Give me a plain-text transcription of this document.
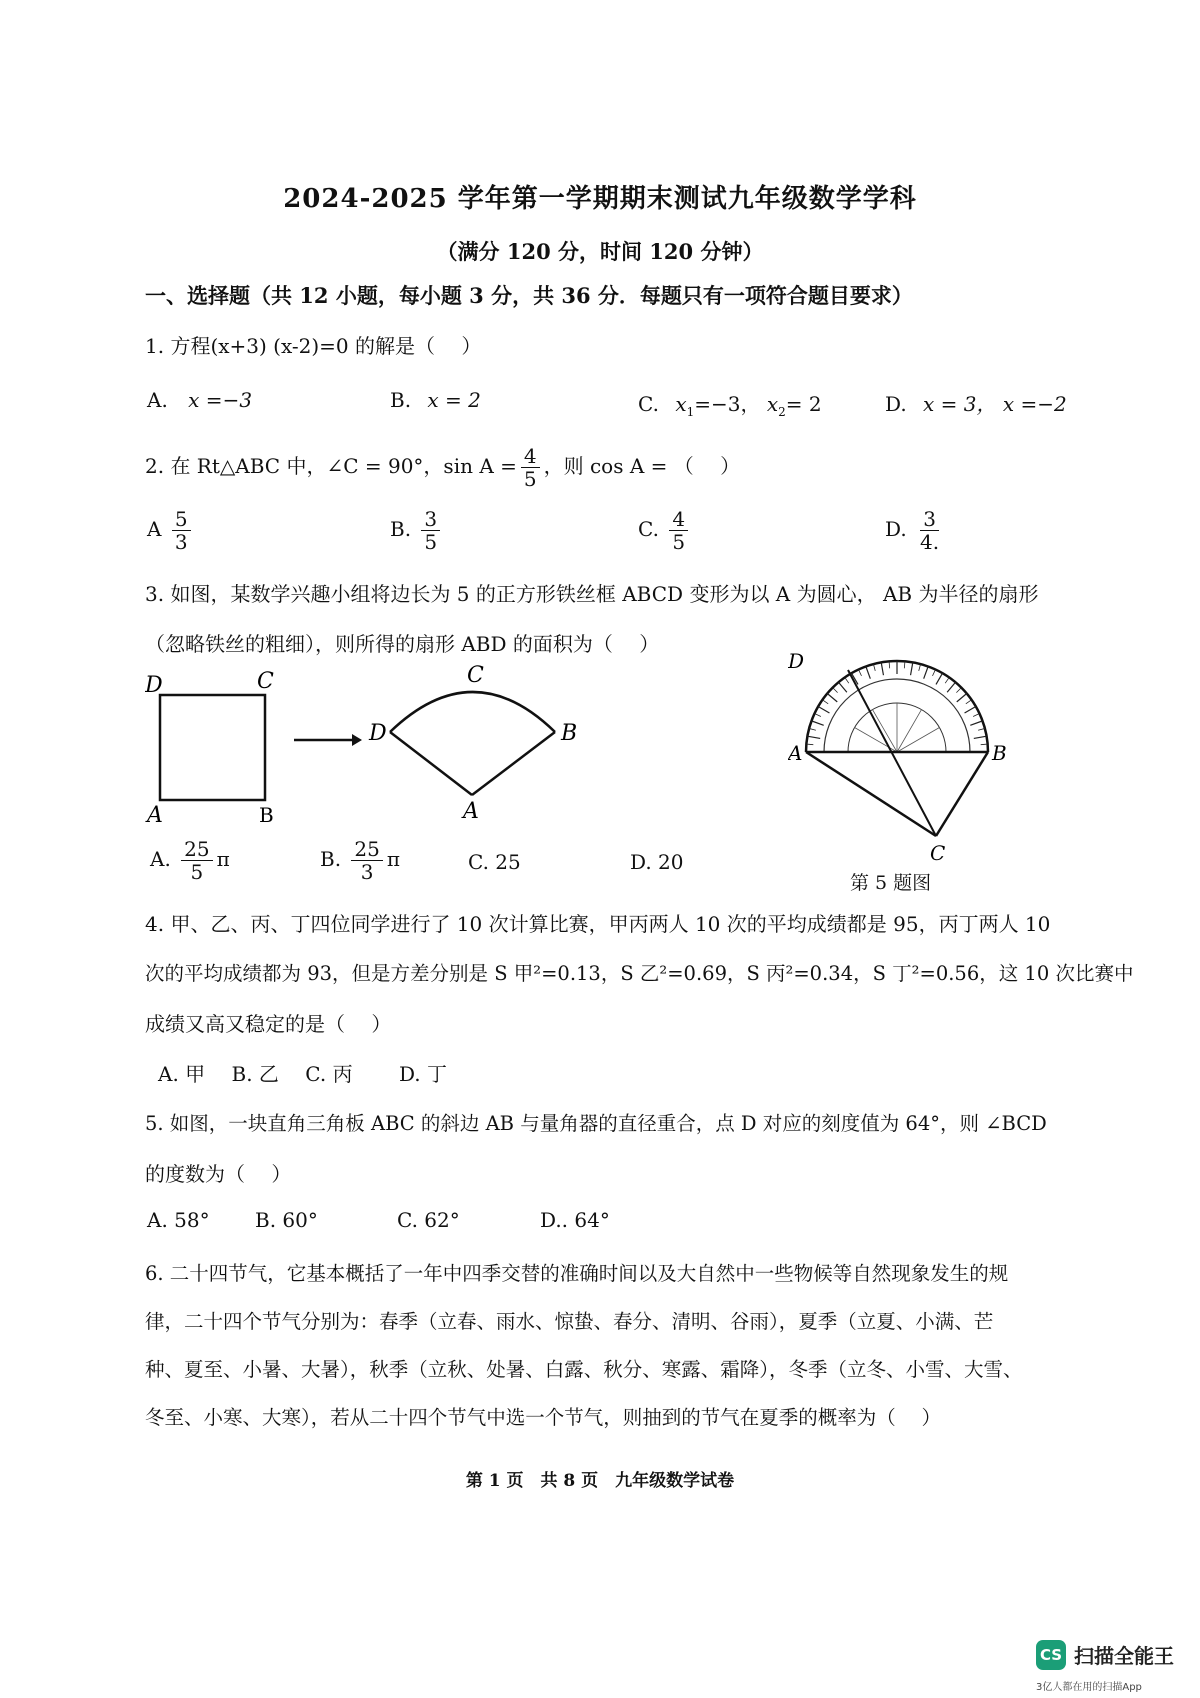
2024-2025 学年第一学期期末测试九年级数学学科
（满分 120 分，时间 120 分钟）
一、选择题（共 12 小题，每小题 3 分，共 36 分．每题只有一项符合题目要求）
1. 方程(x+3) (x-2)=0 的解是（　 ）
A. x =−3	B. x = 2	C. $x_1=-3$， $x_2= 2$	D. x = 3， x =−2
2. 在 Rt△ABC 中，∠C = 90°，$\sin A = \frac{4}{5}$ ，则 cos A = （　 ）
A $\frac{5}{3}$	B. $\frac{3}{5}$	C. $\frac{4}{5}$	D. $\frac{3}{4.}$
3. 如图，某数学兴趣小组将边长为 5 的正方形铁丝框 ABCD 变形为以 A 为圆心， AB 为半径的扇形
（忽略铁丝的粗细），则所得的扇形 ABD 的面积为（　 ）
D	C
A	B
C
D	B
A
A. $\frac{25}{5}$ π	B. $\frac{25}{3}$ π	C. 25	D. 20
D
A	B
C
第 5 题图
4. 甲、乙、丙、丁四位同学进行了 10 次计算比赛，甲丙两人 10 次的平均成绩都是 95，丙丁两人 10
次的平均成绩都为 93，但是方差分别是 S 甲²=0.13，S 乙²=0.69，S 丙²=0.34，S 丁²=0.56，这 10 次比赛中
成绩又高又稳定的是（　 ）
A. 甲　 B. 乙　 C. 丙　　 D. 丁
5. 如图，一块直角三角板 ABC 的斜边 AB 与量角器的直径重合，点 D 对应的刻度值为 64°，则 ∠BCD
的度数为（　 ）
A. 58° B. 60°	C. 62°	D.. 64°
6. 二十四节气，它基本概括了一年中四季交替的准确时间以及大自然中一些物候等自然现象发生的规
律，二十四个节气分别为：春季（立春、雨水、惊蛰、春分、清明、谷雨），夏季（立夏、小满、芒
种、夏至、小暑、大暑），秋季（立秋、处暑、白露、秋分、寒露、霜降），冬季（立冬、小雪、大雪、
冬至、小寒、大寒），若从二十四个节气中选一个节气，则抽到的节气在夏季的概率为（　 ）
第 1 页　共 8 页　九年级数学试卷
CS 扫描全能王
3亿人都在用的扫描App
